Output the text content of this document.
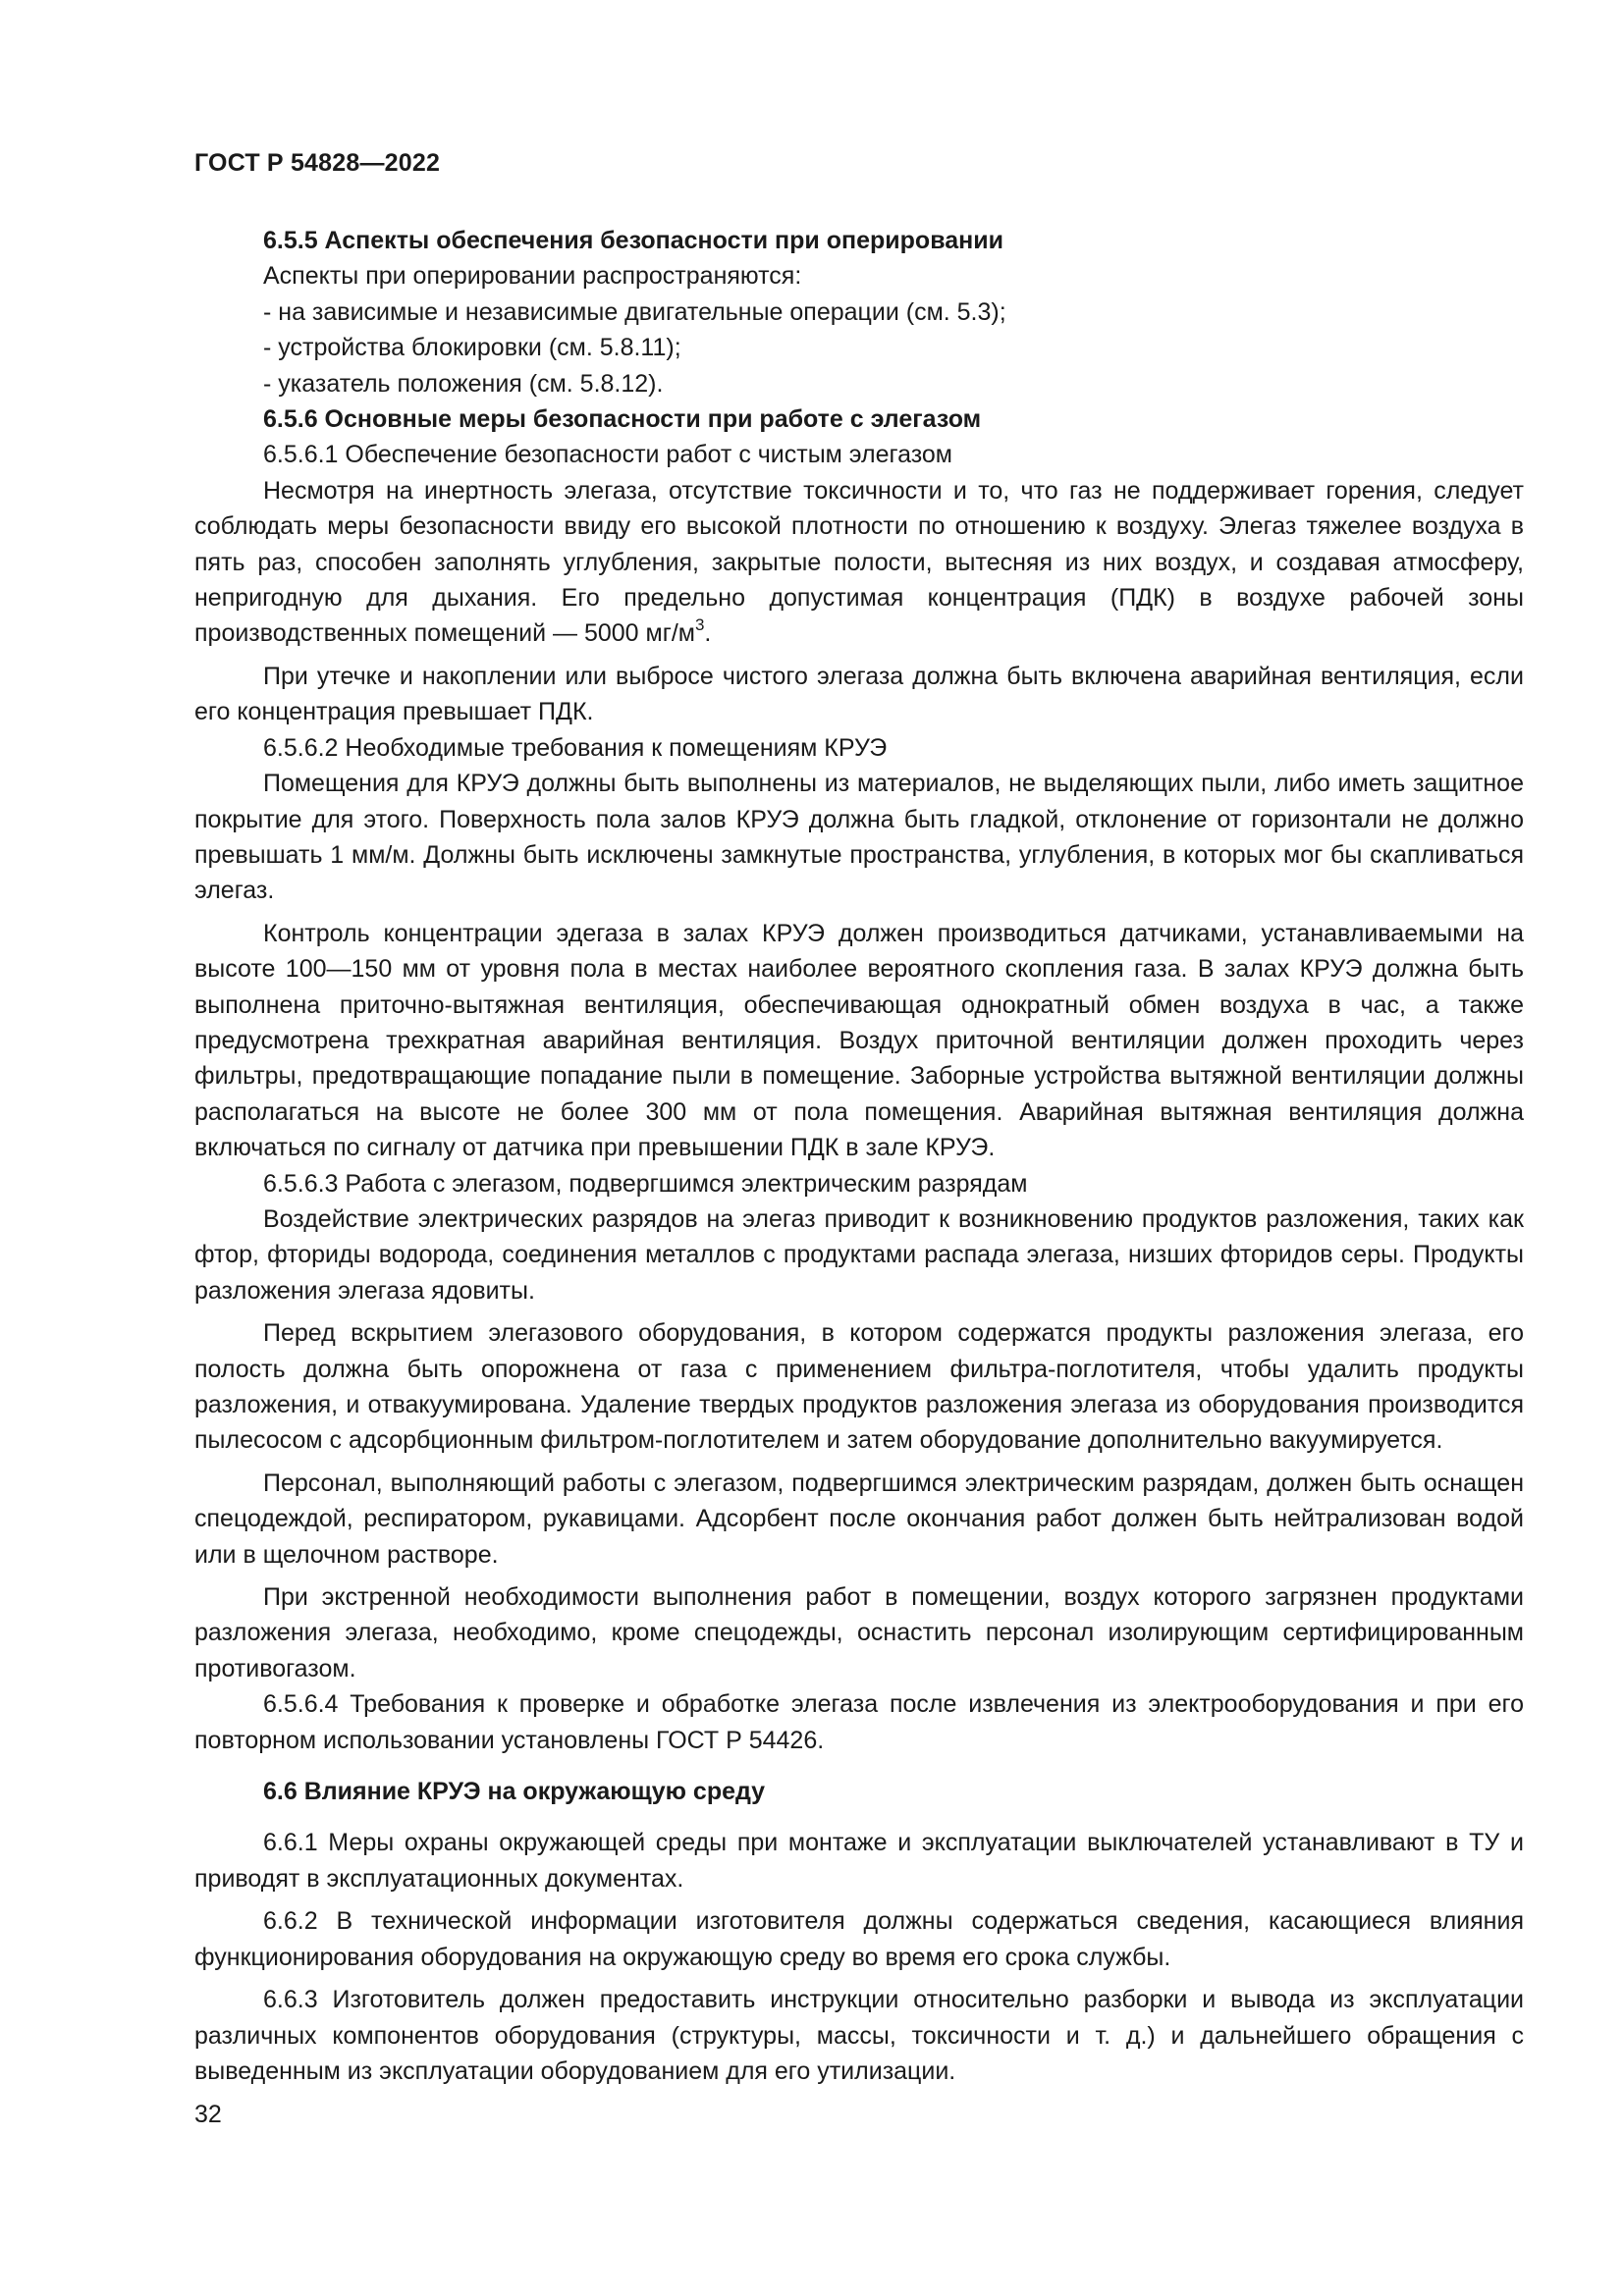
ГОСТ Р 54828—2022

6.5.5 Аспекты обеспечения безопасности при оперировании

Аспекты при оперировании распространяются:

- на зависимые и независимые двигательные операции (см. 5.3);

- устройства блокировки (см. 5.8.11);

- указатель положения (см. 5.8.12).

6.5.6 Основные меры безопасности при работе с элегазом

6.5.6.1 Обеспечение безопасности работ с чистым элегазом

Несмотря на инертность элегаза, отсутствие токсичности и то, что газ не поддерживает горения, следует соблюдать меры безопасности ввиду его высокой плотности по отношению к воздуху. Элегаз тяжелее воздуха в пять раз, способен заполнять углубления, закрытые полости, вытесняя из них воздух, и создавая атмосферу, непригодную для дыхания. Его предельно допустимая концентрация (ПДК) в воздухе рабочей зоны производственных помещений — 5000 $мг/м^3$.

При утечке и накоплении или выбросе чистого элегаза должна быть включена аварийная вентиляция, если его концентрация превышает ПДК.

6.5.6.2 Необходимые требования к помещениям КРУЭ

Помещения для КРУЭ должны быть выполнены из материалов, не выделяющих пыли, либо иметь защитное покрытие для этого. Поверхность пола залов КРУЭ должна быть гладкой, отклонение от горизонтали не должно превышать 1 мм/м. Должны быть исключены замкнутые пространства, углубления, в которых мог бы скапливаться элегаз.

Контроль концентрации эдегаза в залах КРУЭ должен производиться датчиками, устанавливаемыми на высоте 100—150 мм от уровня пола в местах наиболее вероятного скопления газа. В залах КРУЭ должна быть выполнена приточно-вытяжная вентиляция, обеспечивающая однократный обмен воздуха в час, а также предусмотрена трехкратная аварийная вентиляция. Воздух приточной вентиляции должен проходить через фильтры, предотвращающие попадание пыли в помещение. Заборные устройства вытяжной вентиляции должны располагаться на высоте не более 300 мм от пола помещения. Аварийная вытяжная вентиляция должна включаться по сигналу от датчика при превышении ПДК в зале КРУЭ.

6.5.6.3 Работа с элегазом, подвергшимся электрическим разрядам

Воздействие электрических разрядов на элегаз приводит к возникновению продуктов разложения, таких как фтор, фториды водорода, соединения металлов с продуктами распада элегаза, низших фторидов серы. Продукты разложения элегаза ядовиты.

Перед вскрытием элегазового оборудования, в котором содержатся продукты разложения элегаза, его полость должна быть опорожнена от газа с применением фильтра-поглотителя, чтобы удалить продукты разложения, и отвакуумирована. Удаление твердых продуктов разложения элегаза из оборудования производится пылесосом с адсорбционным фильтром-поглотителем и затем оборудование дополнительно вакуумируется.

Персонал, выполняющий работы с элегазом, подвергшимся электрическим разрядам, должен быть оснащен спецодеждой, респиратором, рукавицами. Адсорбент после окончания работ должен быть нейтрализован водой или в щелочном растворе.

При экстренной необходимости выполнения работ в помещении, воздух которого загрязнен продуктами разложения элегаза, необходимо, кроме спецодежды, оснастить персонал изолирующим сертифицированным противогазом.

6.5.6.4 Требования к проверке и обработке элегаза после извлечения из электрооборудования и при его повторном использовании установлены ГОСТ Р 54426.

6.6 Влияние КРУЭ на окружающую среду

6.6.1 Меры охраны окружающей среды при монтаже и эксплуатации выключателей устанавливают в ТУ и приводят в эксплуатационных документах.

6.6.2 В технической информации изготовителя должны содержаться сведения, касающиеся влияния функционирования оборудования на окружающую среду во время его срока службы.

6.6.3 Изготовитель должен предоставить инструкции относительно разборки и вывода из эксплуатации различных компонентов оборудования (структуры, массы, токсичности и т. д.) и дальнейшего обращения с выведенным из эксплуатации оборудованием для его утилизации.

32
